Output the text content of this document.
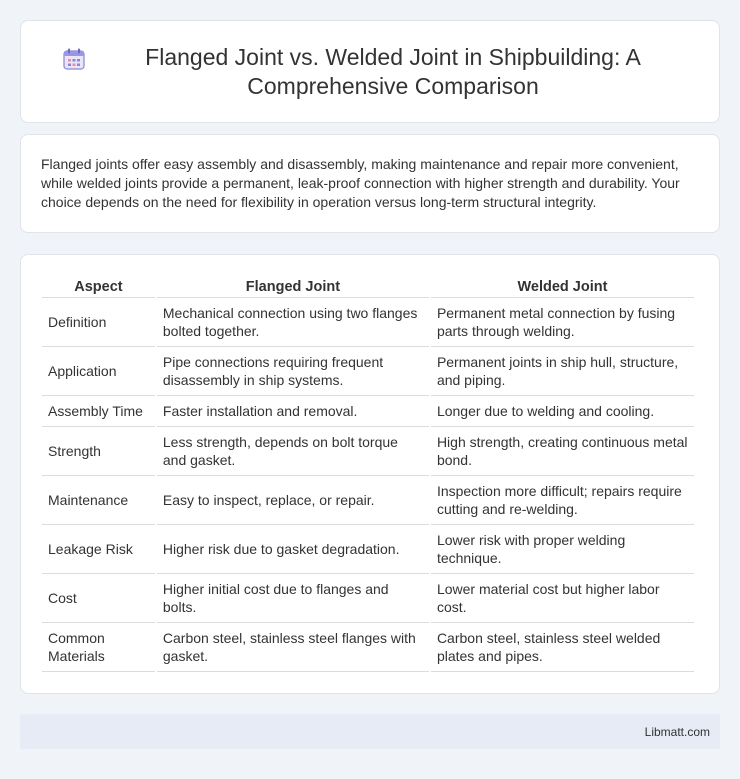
Flanged Joint vs. Welded Joint in Shipbuilding: A Comprehensive Comparison

Flanged joints offer easy assembly and disassembly, making maintenance and repair more convenient, while welded joints provide a permanent, leak-proof connection with higher strength and durability. Your choice depends on the need for flexibility in operation versus long-term structural integrity.

Aspect	Flanged Joint	Welded Joint
Definition	Mechanical connection using two flanges bolted together.	Permanent metal connection by fusing parts through welding.
Application	Pipe connections requiring frequent disassembly in ship systems.	Permanent joints in ship hull, structure, and piping.
Assembly Time	Faster installation and removal.	Longer due to welding and cooling.
Strength	Less strength, depends on bolt torque and gasket.	High strength, creating continuous metal bond.
Maintenance	Easy to inspect, replace, or repair.	Inspection more difficult; repairs require cutting and re-welding.
Leakage Risk	Higher risk due to gasket degradation.	Lower risk with proper welding technique.
Cost	Higher initial cost due to flanges and bolts.	Lower material cost but higher labor cost.
Common Materials	Carbon steel, stainless steel flanges with gasket.	Carbon steel, stainless steel welded plates and pipes.
Libmatt.com
